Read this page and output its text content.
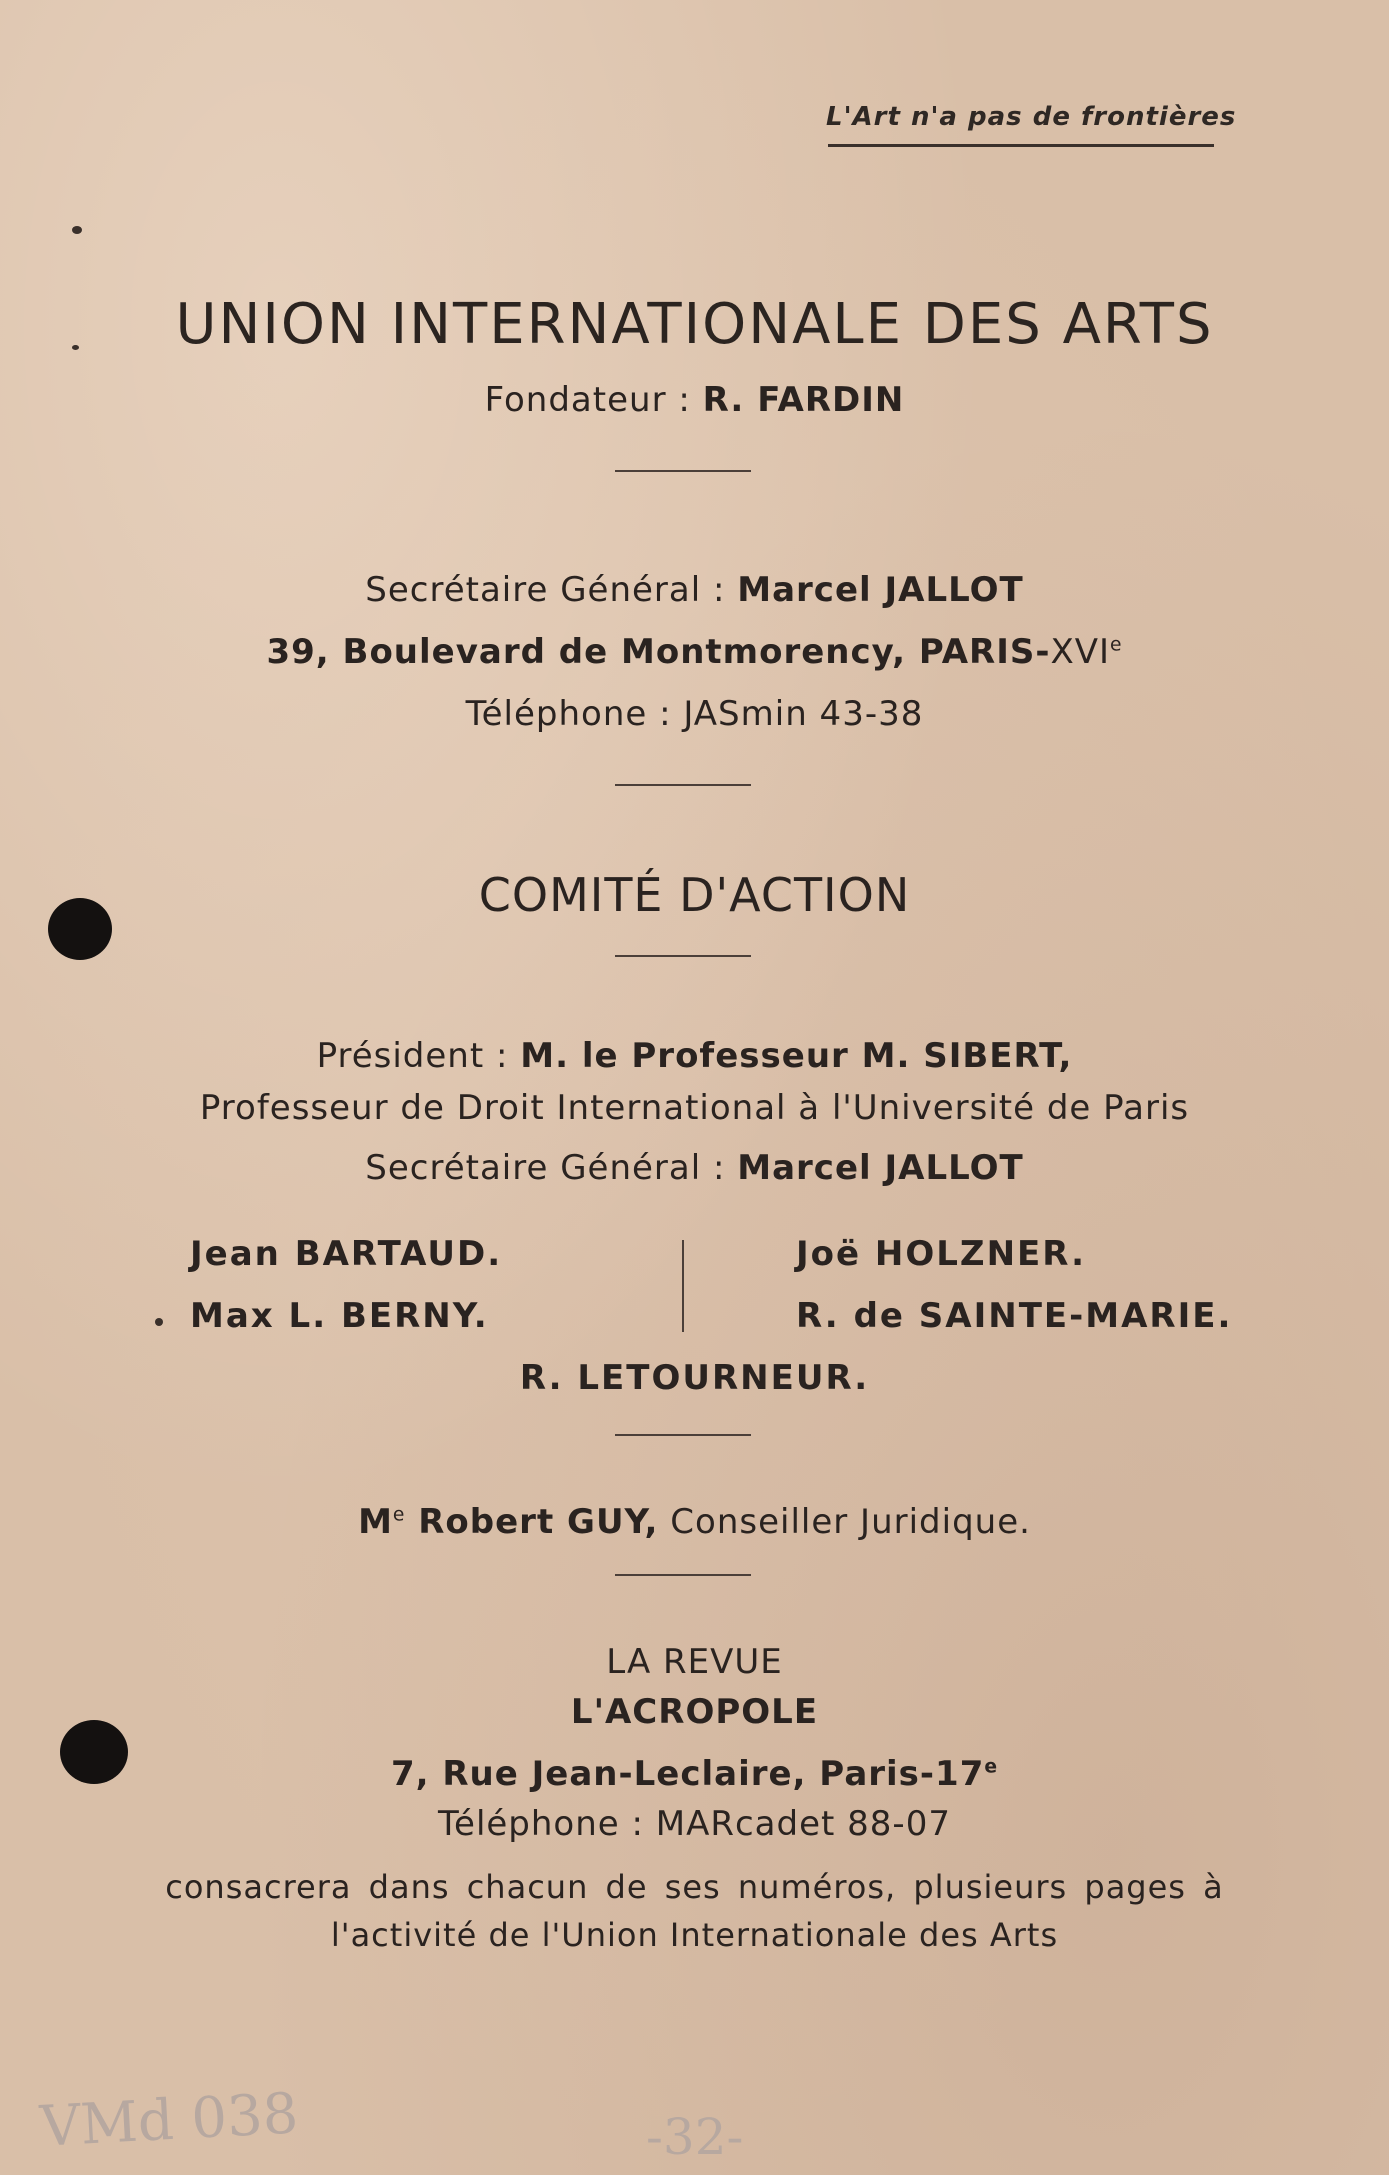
L'Art n'a pas de frontières
UNION INTERNATIONALE DES ARTS
Fondateur : R. FARDIN
Secrétaire Général : Marcel JALLOT
39, Boulevard de Montmorency, PARIS-XVIe
Téléphone : JASmin 43-38
COMITÉ D'ACTION
Président : M. le Professeur M. SIBERT,
Professeur de Droit International à l'Université de Paris
Secrétaire Général : Marcel JALLOT
Jean BARTAUD.
Max L. BERNY.
Joë HOLZNER.
R. de SAINTE-MARIE.
R. LETOURNEUR.
Me Robert GUY, Conseiller Juridique.
LA REVUE
L'ACROPOLE
7, Rue Jean-Leclaire, Paris-17e
Téléphone : MARcadet 88-07
consacrera dans chacun de ses numéros, plusieurs pages à
l'activité de l'Union Internationale des Arts
VMd 038	-32-
